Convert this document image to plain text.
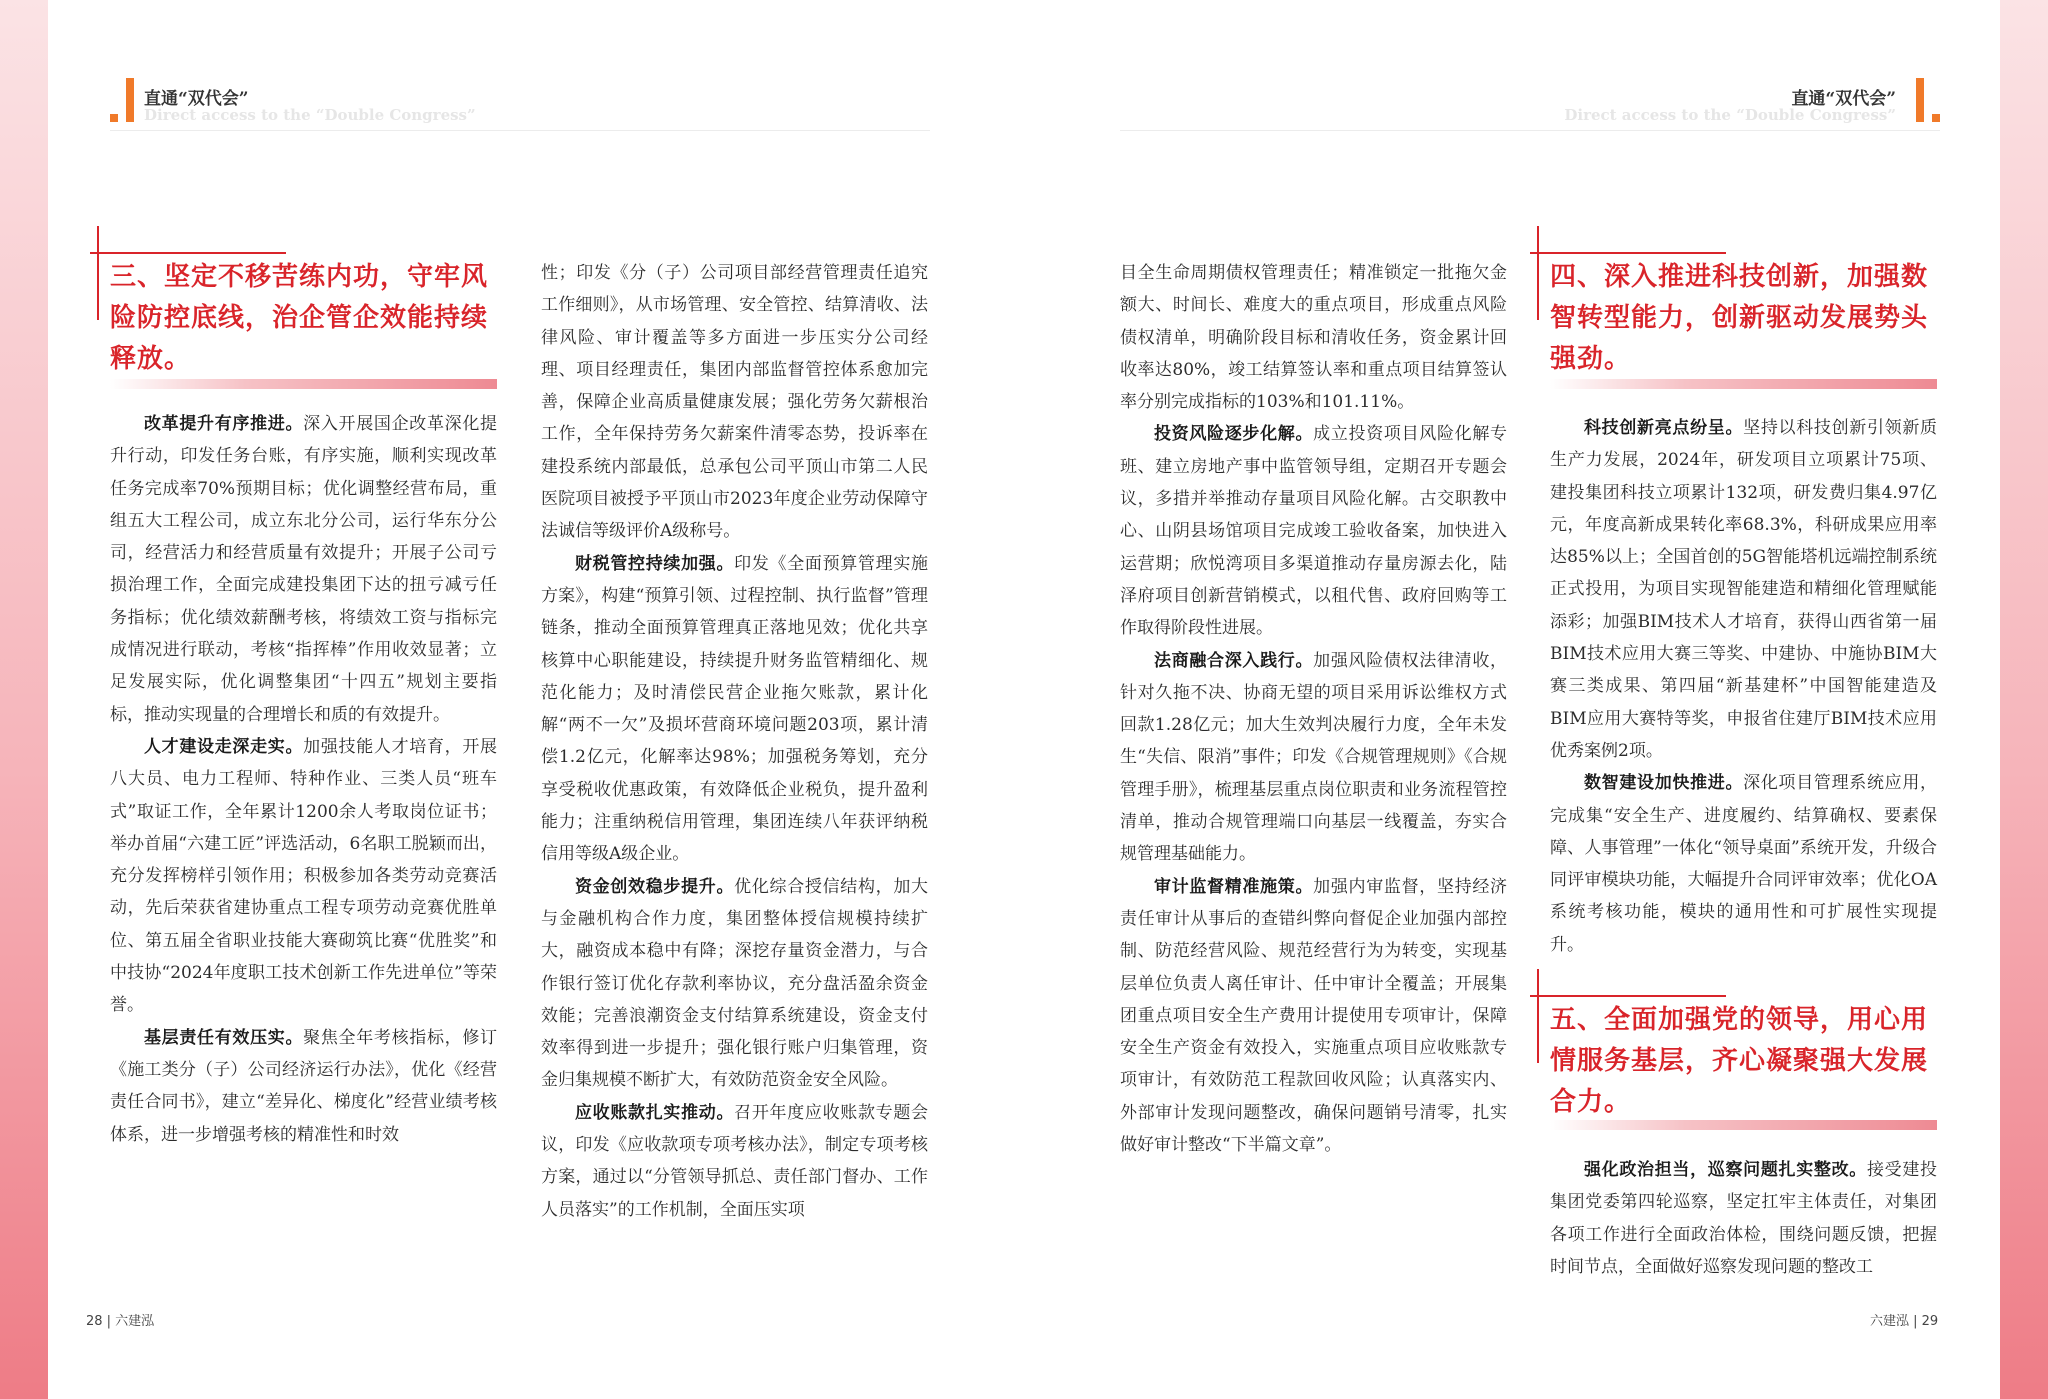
直通“双代会”
Direct access to the “Double Congress”
直通“双代会”
Direct access to the “Double Congress”
三、坚定不移苦练内功，守牢风险防控底线，治企管企效能持续释放。

改革提升有序推进。深入开展国企改革深化提升行动，印发任务台账，有序实施，顺利实现改革任务完成率70%预期目标；优化调整经营布局，重组五大工程公司，成立东北分公司，运行华东分公司，经营活力和经营质量有效提升；开展子公司亏损治理工作，全面完成建投集团下达的扭亏减亏任务指标；优化绩效薪酬考核，将绩效工资与指标完成情况进行联动，考核“指挥棒”作用收效显著；立足发展实际，优化调整集团“十四五”规划主要指标，推动实现量的合理增长和质的有效提升。

人才建设走深走实。加强技能人才培育，开展八大员、电力工程师、特种作业、三类人员“班车式”取证工作，全年累计1200余人考取岗位证书；举办首届“六建工匠”评选活动，6名职工脱颖而出，充分发挥榜样引领作用；积极参加各类劳动竞赛活动，先后荣获省建协重点工程专项劳动竞赛优胜单位、第五届全省职业技能大赛砌筑比赛“优胜奖”和中技协“2024年度职工技术创新工作先进单位”等荣誉。

基层责任有效压实。聚焦全年考核指标，修订《施工类分（子）公司经济运行办法》，优化《经营责任合同书》，建立“差异化、梯度化”经营业绩考核体系，进一步增强考核的精准性和时效

性；印发《分（子）公司项目部经营管理责任追究工作细则》，从市场管理、安全管控、结算清收、法律风险、审计覆盖等多方面进一步压实分公司经理、项目经理责任，集团内部监督管控体系愈加完善，保障企业高质量健康发展；强化劳务欠薪根治工作，全年保持劳务欠薪案件清零态势，投诉率在建投系统内部最低，总承包公司平顶山市第二人民医院项目被授予平顶山市2023年度企业劳动保障守法诚信等级评价A级称号。

财税管控持续加强。印发《全面预算管理实施方案》，构建“预算引领、过程控制、执行监督”管理链条，推动全面预算管理真正落地见效；优化共享核算中心职能建设，持续提升财务监管精细化、规范化能力；及时清偿民营企业拖欠账款，累计化解“两不一欠”及损坏营商环境问题203项，累计清偿1.2亿元，化解率达98%；加强税务筹划，充分享受税收优惠政策，有效降低企业税负，提升盈利能力；注重纳税信用管理，集团连续八年获评纳税信用等级A级企业。

资金创效稳步提升。优化综合授信结构，加大与金融机构合作力度，集团整体授信规模持续扩大，融资成本稳中有降；深挖存量资金潜力，与合作银行签订优化存款利率协议，充分盘活盈余资金效能；完善浪潮资金支付结算系统建设，资金支付效率得到进一步提升；强化银行账户归集管理，资金归集规模不断扩大，有效防范资金安全风险。

应收账款扎实推动。召开年度应收账款专题会议，印发《应收款项专项考核办法》，制定专项考核方案，通过以“分管领导抓总、责任部门督办、工作人员落实”的工作机制，全面压实项

目全生命周期债权管理责任；精准锁定一批拖欠金额大、时间长、难度大的重点项目，形成重点风险债权清单，明确阶段目标和清收任务，资金累计回收率达80%，竣工结算签认率和重点项目结算签认率分别完成指标的103%和101.11%。

投资风险逐步化解。成立投资项目风险化解专班、建立房地产事中监管领导组，定期召开专题会议，多措并举推动存量项目风险化解。古交职教中心、山阴县场馆项目完成竣工验收备案，加快进入运营期；欣悦湾项目多渠道推动存量房源去化，陆泽府项目创新营销模式，以租代售、政府回购等工作取得阶段性进展。

法商融合深入践行。加强风险债权法律清收，针对久拖不决、协商无望的项目采用诉讼维权方式回款1.28亿元；加大生效判决履行力度，全年未发生“失信、限消”事件；印发《合规管理规则》《合规管理手册》，梳理基层重点岗位职责和业务流程管控清单，推动合规管理端口向基层一线覆盖，夯实合规管理基础能力。

审计监督精准施策。加强内审监督，坚持经济责任审计从事后的查错纠弊向督促企业加强内部控制、防范经营风险、规范经营行为为转变，实现基层单位负责人离任审计、任中审计全覆盖；开展集团重点项目安全生产费用计提使用专项审计，保障安全生产资金有效投入，实施重点项目应收账款专项审计，有效防范工程款回收风险；认真落实内、外部审计发现问题整改，确保问题销号清零，扎实做好审计整改“下半篇文章”。

四、深入推进科技创新，加强数智转型能力，创新驱动发展势头强劲。

科技创新亮点纷呈。坚持以科技创新引领新质生产力发展，2024年，研发项目立项累计75项、建投集团科技立项累计132项，研发费归集4.97亿元，年度高新成果转化率68.3%，科研成果应用率达85%以上；全国首创的5G智能塔机远端控制系统正式投用，为项目实现智能建造和精细化管理赋能添彩；加强BIM技术人才培育，获得山西省第一届BIM技术应用大赛三等奖、中建协、中施协BIM大赛三类成果、第四届“新基建杯”中国智能建造及BIM应用大赛特等奖，申报省住建厅BIM技术应用优秀案例2项。

数智建设加快推进。深化项目管理系统应用，完成集“安全生产、进度履约、结算确权、要素保障、人事管理”一体化“领导桌面”系统开发，升级合同评审模块功能，大幅提升合同评审效率；优化OA系统考核功能，模块的通用性和可扩展性实现提升。

五、全面加强党的领导，用心用情服务基层，齐心凝聚强大发展合力。

强化政治担当，巡察问题扎实整改。接受建投集团党委第四轮巡察，坚定扛牢主体责任，对集团各项工作进行全面政治体检，围绕问题反馈，把握时间节点，全面做好巡察发现问题的整改工

28 | 六建泓	六建泓 | 29
